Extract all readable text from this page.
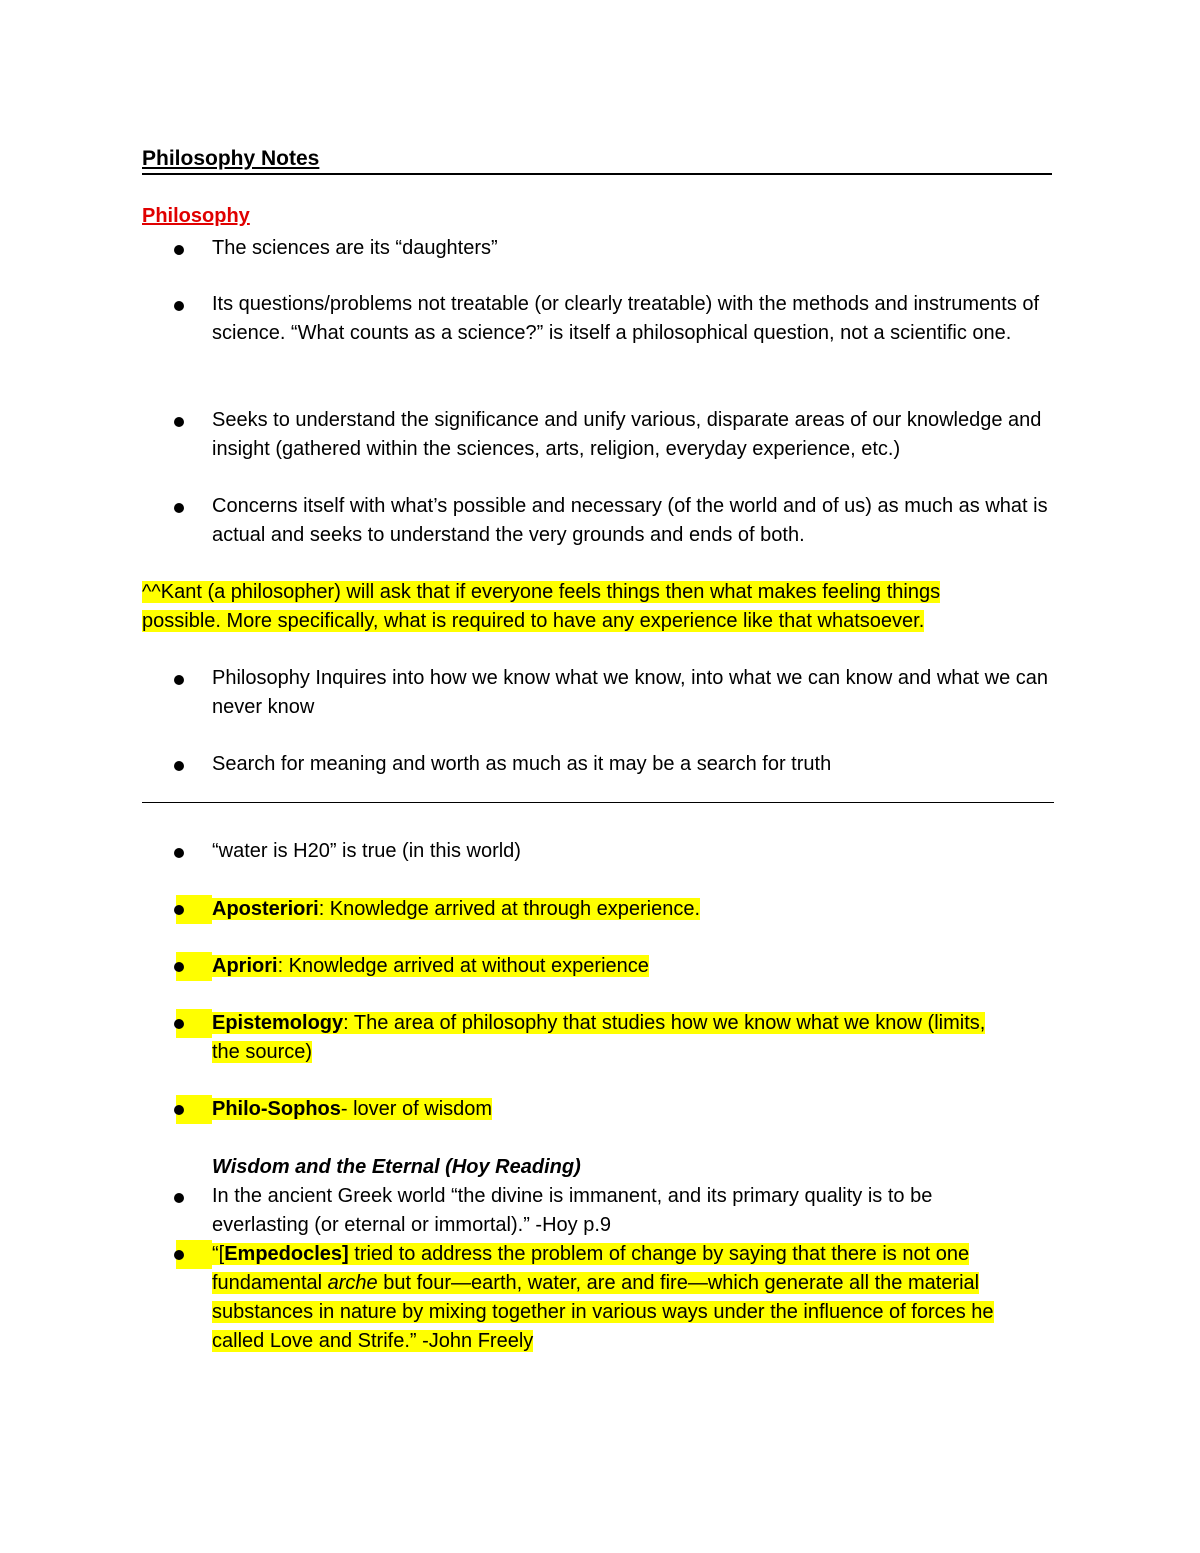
Philosophy Notes
Philosophy
The sciences are its “daughters”
Its questions/problems not treatable (or clearly treatable) with the methods and instruments of science. “What counts as a science?” is itself a philosophical question, not a scientific one.
Seeks to understand the significance and unify various, disparate areas of our knowledge and insight (gathered within the sciences, arts, religion, everyday experience, etc.)
Concerns itself with what’s possible and necessary (of the world and of us) as much as what is actual and seeks to understand the very grounds and ends of both.
^^Kant (a philosopher) will ask that if everyone feels things then what makes feeling things
possible. More specifically, what is required to have any experience like that whatsoever.
Philosophy Inquires into how we know what we know, into what we can know and what we can never know
Search for meaning and worth as much as it may be a search for truth
“water is H20” is true (in this world)
Aposteriori: Knowledge arrived at through experience.
Apriori: Knowledge arrived at without experience
Epistemology: The area of philosophy that studies how we know what we know (limits,
the source)
Philo-Sophos- lover of wisdom
Wisdom and the Eternal (Hoy Reading)
In the ancient Greek world “the divine is immanent, and its primary quality is to be
everlasting (or eternal or immortal).” -Hoy p.9
“[Empedocles] tried to address the problem of change by saying that there is not one
fundamental arche but four—earth, water, are and fire—which generate all the material
substances in nature by mixing together in various ways under the influence of forces he
called Love and Strife.” -John Freely
